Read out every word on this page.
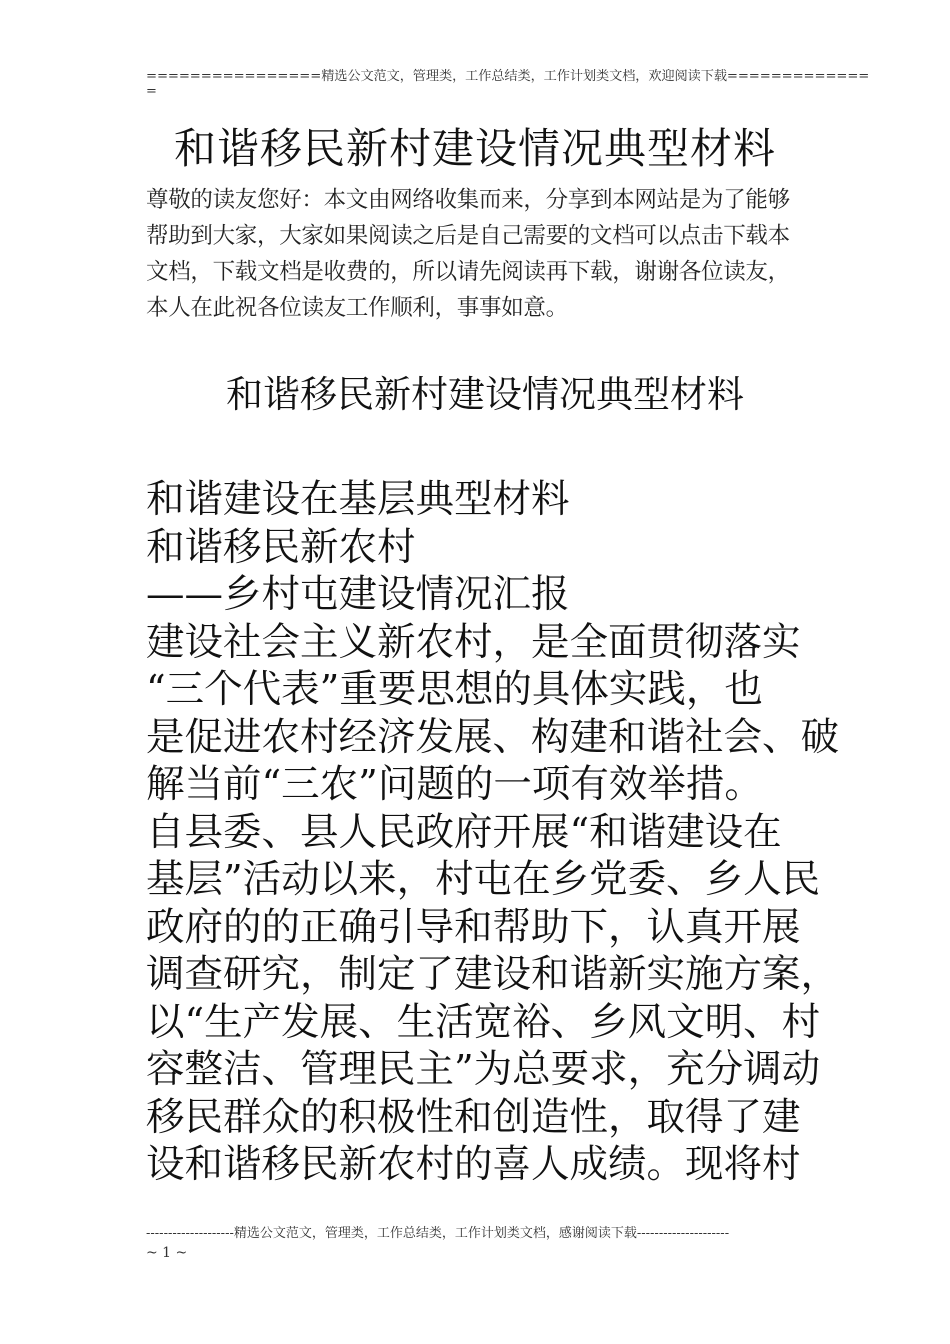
================精选公文范文，管理类，工作总结类，工作计划类文档，欢迎阅读下载=============
=
和谐移民新村建设情况典型材料
尊敬的读友您好：本文由网络收集而来，分享到本网站是为了能够帮助到大家，大家如果阅读之后是自己需要的文档可以点击下载本文档，下载文档是收费的，所以请先阅读再下载，谢谢各位读友，本人在此祝各位读友工作顺利，事事如意。
和谐移民新村建设情况典型材料
和谐建设在基层典型材料
和谐移民新农村
——乡村屯建设情况汇报
建设社会主义新农村，是全面贯彻落实
“三个代表”重要思想的具体实践，也
是促进农村经济发展、构建和谐社会、破
解当前“三农”问题的一项有效举措。
自县委、县人民政府开展“和谐建设在
基层”活动以来，村屯在乡党委、乡人民
政府的的正确引导和帮助下，认真开展
调查研究，制定了建设和谐新实施方案，
以“生产发展、生活宽裕、乡风文明、村
容整洁、管理民主”为总要求，充分调动
移民群众的积极性和创造性，取得了建
设和谐移民新农村的喜人成绩。现将村
--------------------精选公文范文，管理类，工作总结类，工作计划类文档，感谢阅读下载---------------------
~ 1 ~
